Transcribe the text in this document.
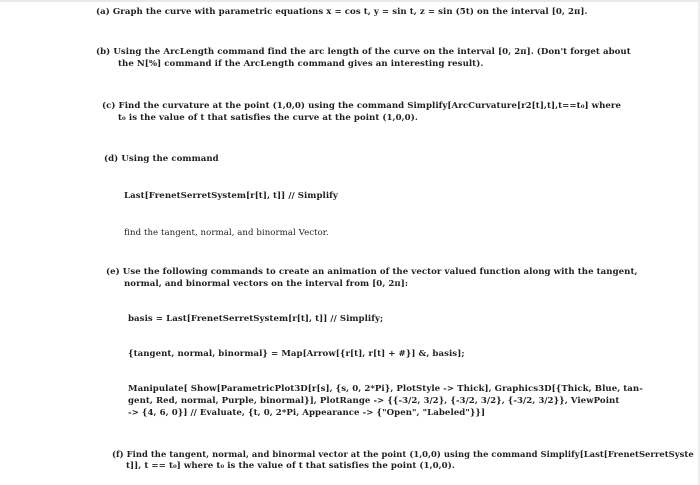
(a) Graph the curve with parametric equations x = cos t, y = sin t, z = sin (5t) on the interval [0, 2π].
(b) Using the ArcLength command find the arc length of the curve on the interval [0, 2π]. (Don't forget about
the N[%] command if the ArcLength command gives an interesting result).
(c) Find the curvature at the point (1,0,0) using the command Simplify[ArcCurvature[r2[t],t],t==t₀] where
t₀ is the value of t that satisfies the curve at the point (1,0,0).
(d) Using the command
Last[FrenetSerretSystem[r[t], t]] // Simplify
find the tangent, normal, and binormal Vector.
(e) Use the following commands to create an animation of the vector valued function along with the tangent,
normal, and binormal vectors on the interval from [0, 2π]:
basis = Last[FrenetSerretSystem[r[t], t]] // Simplify;
{tangent, normal, binormal} = Map[Arrow[{r[t], r[t] + #}] &, basis];
Manipulate[ Show[ParametricPlot3D[r[s], {s, 0, 2*Pi}, PlotStyle -> Thick], Graphics3D[{Thick, Blue, tan-
gent, Red, normal, Purple, binormal}], PlotRange -> {{-3/2, 3/2}, {-3/2, 3/2}, {-3/2, 3/2}}, ViewPoint
-> {4, 6, 0}] // Evaluate, {t, 0, 2*Pi, Appearance -> {"Open", "Labeled"}}]
(f) Find the tangent, normal, and binormal vector at the point (1,0,0) using the command Simplify[Last[FrenetSerretSyste
t]], t == t₀] where t₀ is the value of t that satisfies the point (1,0,0).
